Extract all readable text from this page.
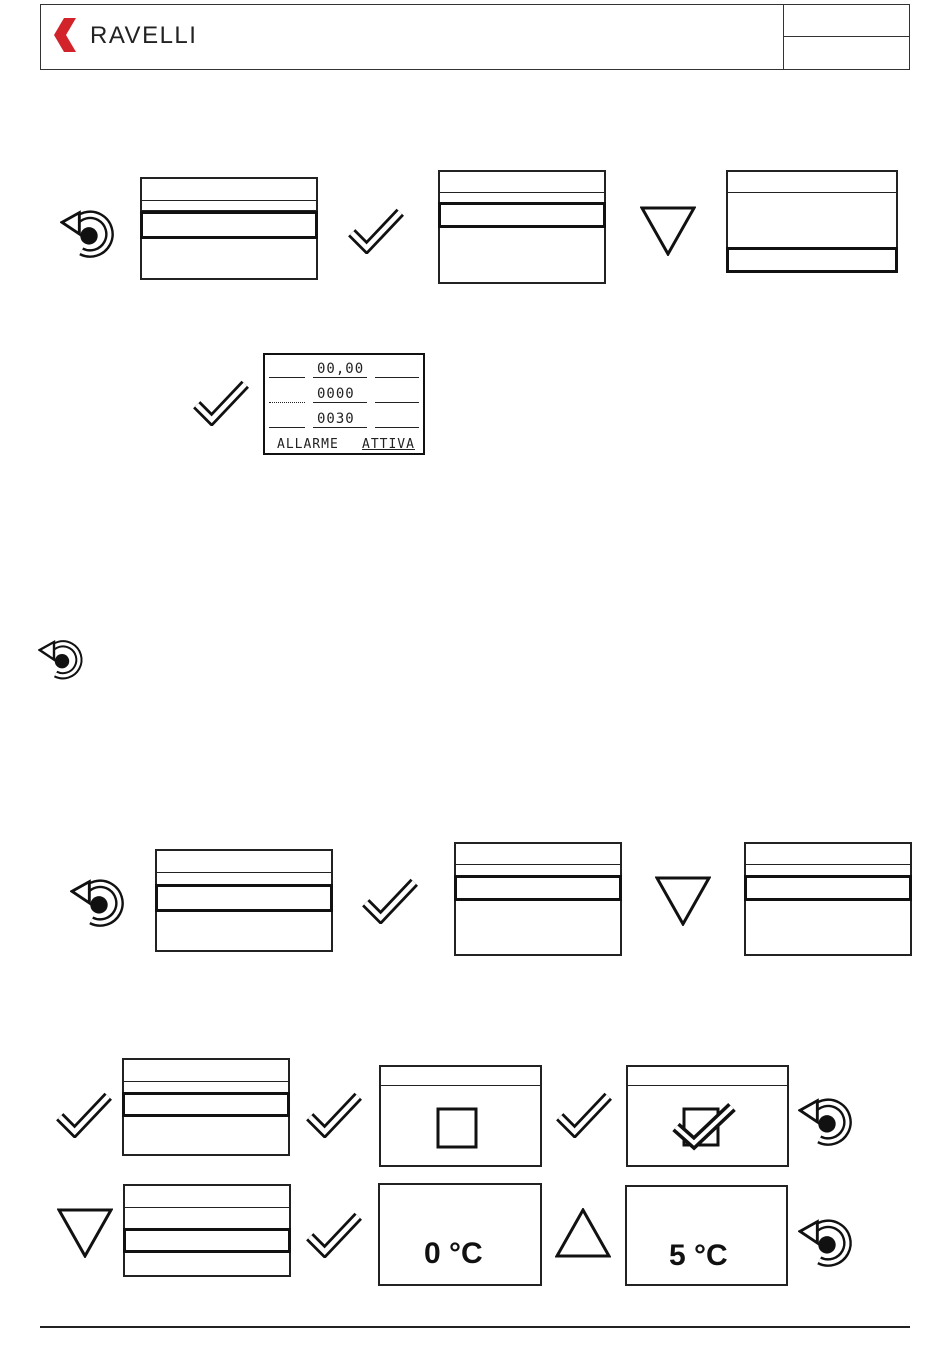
RAVELLI
00,00
0000
0030
ALLARME ATTIVA
0 °C	5 °C
